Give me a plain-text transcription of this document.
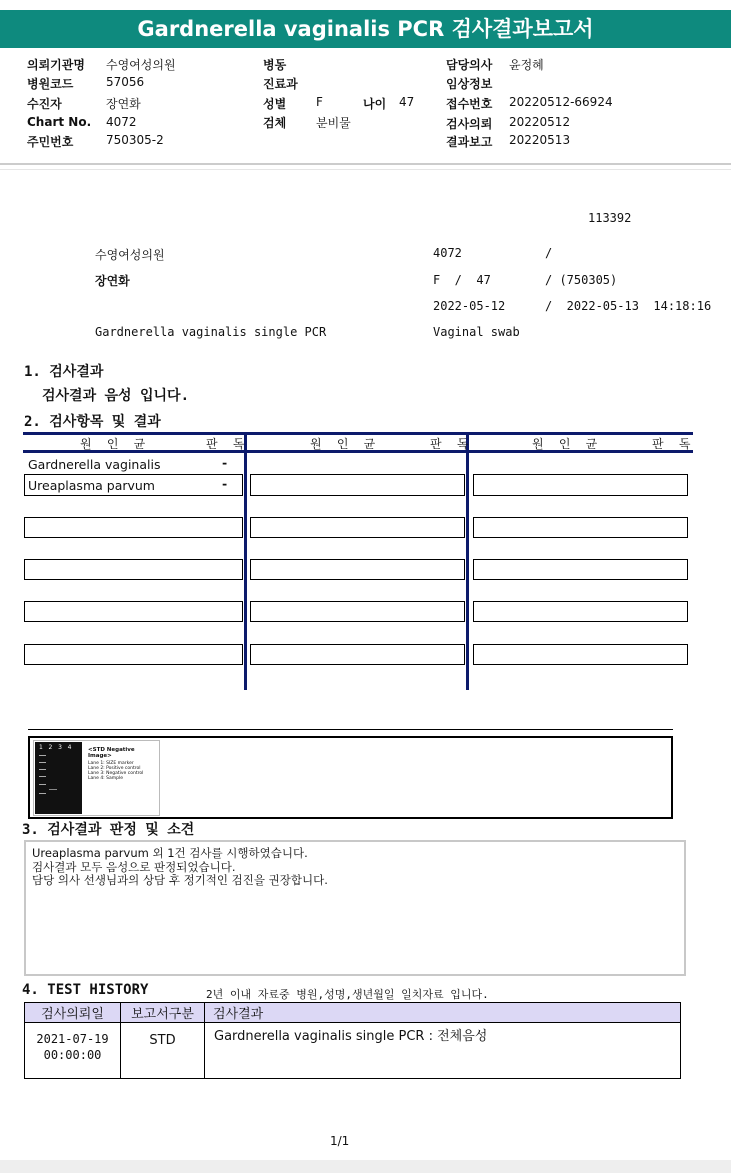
Gardnerella vaginalis PCR 검사결과보고서
의뢰기관명 수영여성의원
병원코드	57056
수진자	장연화
Chart No. 4072
주민번호	750305-2
병동
진료과
성별 F	나이 47
검체 분비물
담당의사 윤정혜
임상정보
접수번호 20220512-66924
검사의뢰 20220512
결과보고 20220513
113392
수영여성의원	4072	/
장연화	F  /  47	/ (750305)
2022-05-12	/  2022-05-13  14:18:16
Gardnerella vaginalis single PCR	Vaginal swab
1. 검사결과
검사결과 음성 입니다.
2. 검사항목 및 결과
원 인 균	판 독	원 인 균	판 독	원 인 균	판 독
Gardnerella vaginalis	-
Ureaplasma parvum	-
1   2   3   4	<STD Negative Image>
Lane 1: SIZE marker
Lane 2: Positive control
Lane 3: Negative control
Lane 4: Sample
3. 검사결과 판정 및 소견
Ureaplasma parvum 외 1건 검사를 시행하였습니다.
검사결과 모두 음성으로 판정되었습니다.
담당 의사 선생님과의 상담 후 정기적인 검진을 권장합니다.
4. TEST HISTORY	2년 이내 자료중 병원,성명,생년월일 일치자료 입니다.
검사의뢰일	보고서구분	검사결과

2021-07-19
00:00:00	STD	Gardnerella vaginalis single PCR : 전체음성
1/1
